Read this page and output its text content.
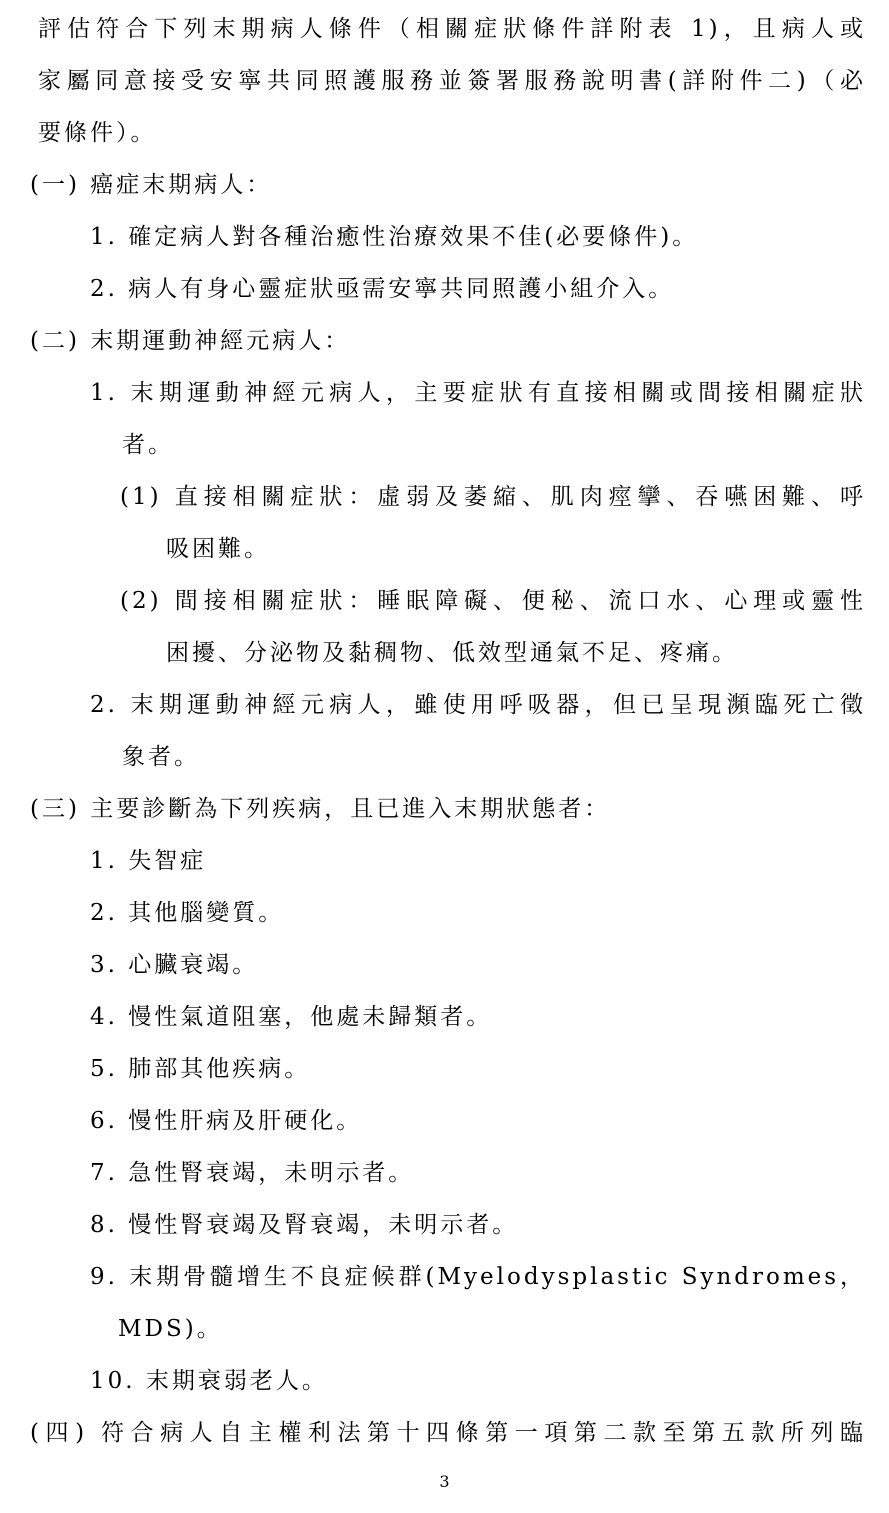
評估符合下列末期病人條件（相關症狀條件詳附表 1)，且病人或
家屬同意接受安寧共同照護服務並簽署服務說明書(詳附件二)（必
要條件）。
(一) 癌症末期病人：
1. 確定病人對各種治癒性治療效果不佳(必要條件)。
2. 病人有身心靈症狀亟需安寧共同照護小組介入。
(二) 末期運動神經元病人：
1. 末期運動神經元病人，主要症狀有直接相關或間接相關症狀
者。
(1) 直接相關症狀：虛弱及萎縮、肌肉痙攣、吞嚥困難、呼
吸困難。
(2) 間接相關症狀：睡眠障礙、便秘、流口水、心理或靈性
困擾、分泌物及黏稠物、低效型通氣不足、疼痛。
2. 末期運動神經元病人，雖使用呼吸器，但已呈現瀕臨死亡徵
象者。
(三) 主要診斷為下列疾病，且已進入末期狀態者：
1. 失智症
2. 其他腦變質。
3. 心臟衰竭。
4. 慢性氣道阻塞，他處未歸類者。
5. 肺部其他疾病。
6. 慢性肝病及肝硬化。
7. 急性腎衰竭，未明示者。
8. 慢性腎衰竭及腎衰竭，未明示者。
9. 末期骨髓增生不良症候群(Myelodysplastic Syndromes，
MDS)。
10. 末期衰弱老人。
(四) 符合病人自主權利法第十四條第一項第二款至第五款所列臨
3
